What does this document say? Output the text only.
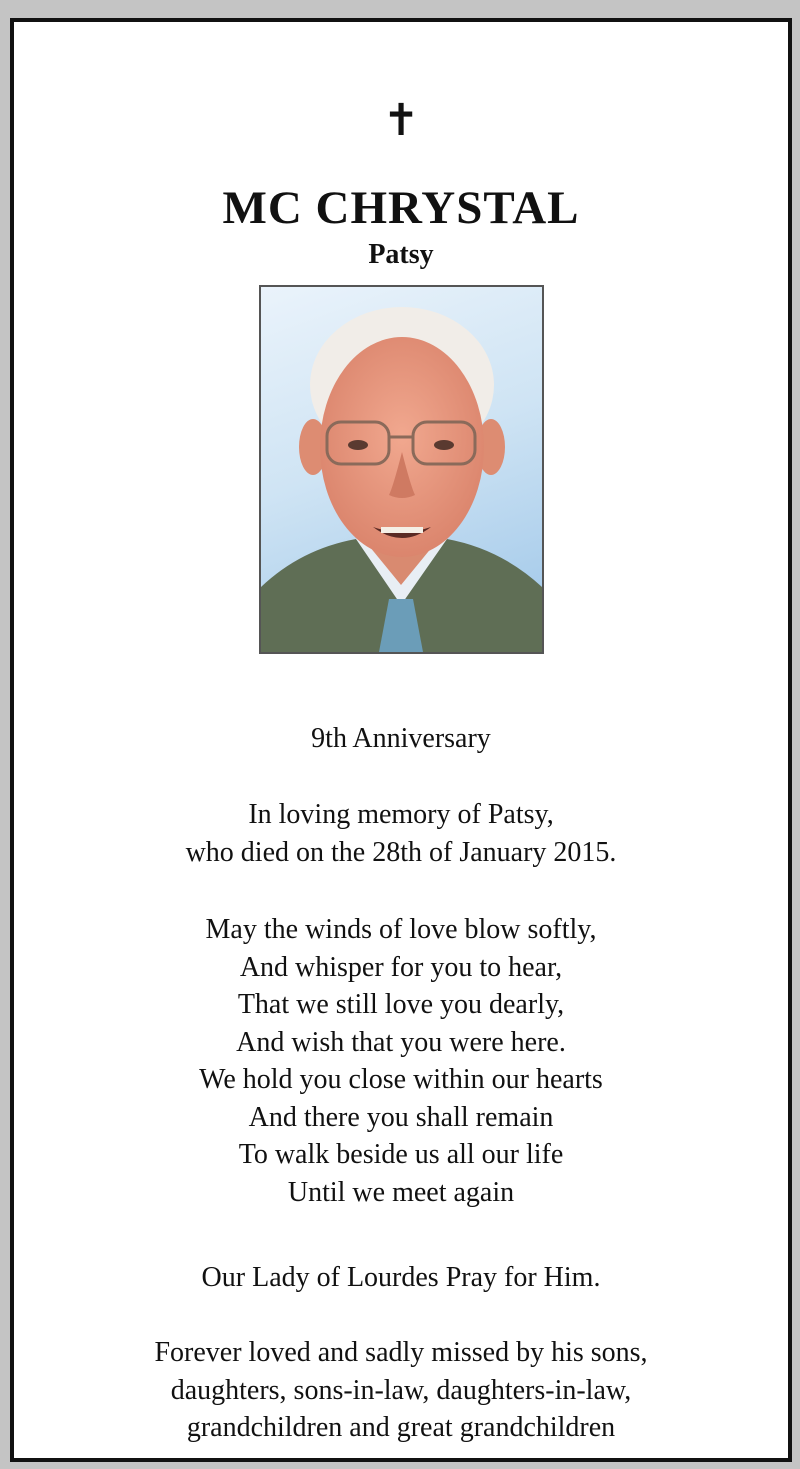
✝
MC CHRYSTAL
Patsy
9th Anniversary
In loving memory of Patsy,
who died on the 28th of January 2015.
May the winds of love blow softly,
And whisper for you to hear,
That we still love you dearly,
And wish that you were here.
We hold you close within our hearts
And there you shall remain
To walk beside us all our life
Until we meet again
Our Lady of Lourdes Pray for Him.
Forever loved and sadly missed by his sons,
daughters, sons-in-law, daughters-in-law,
grandchildren and great grandchildren
